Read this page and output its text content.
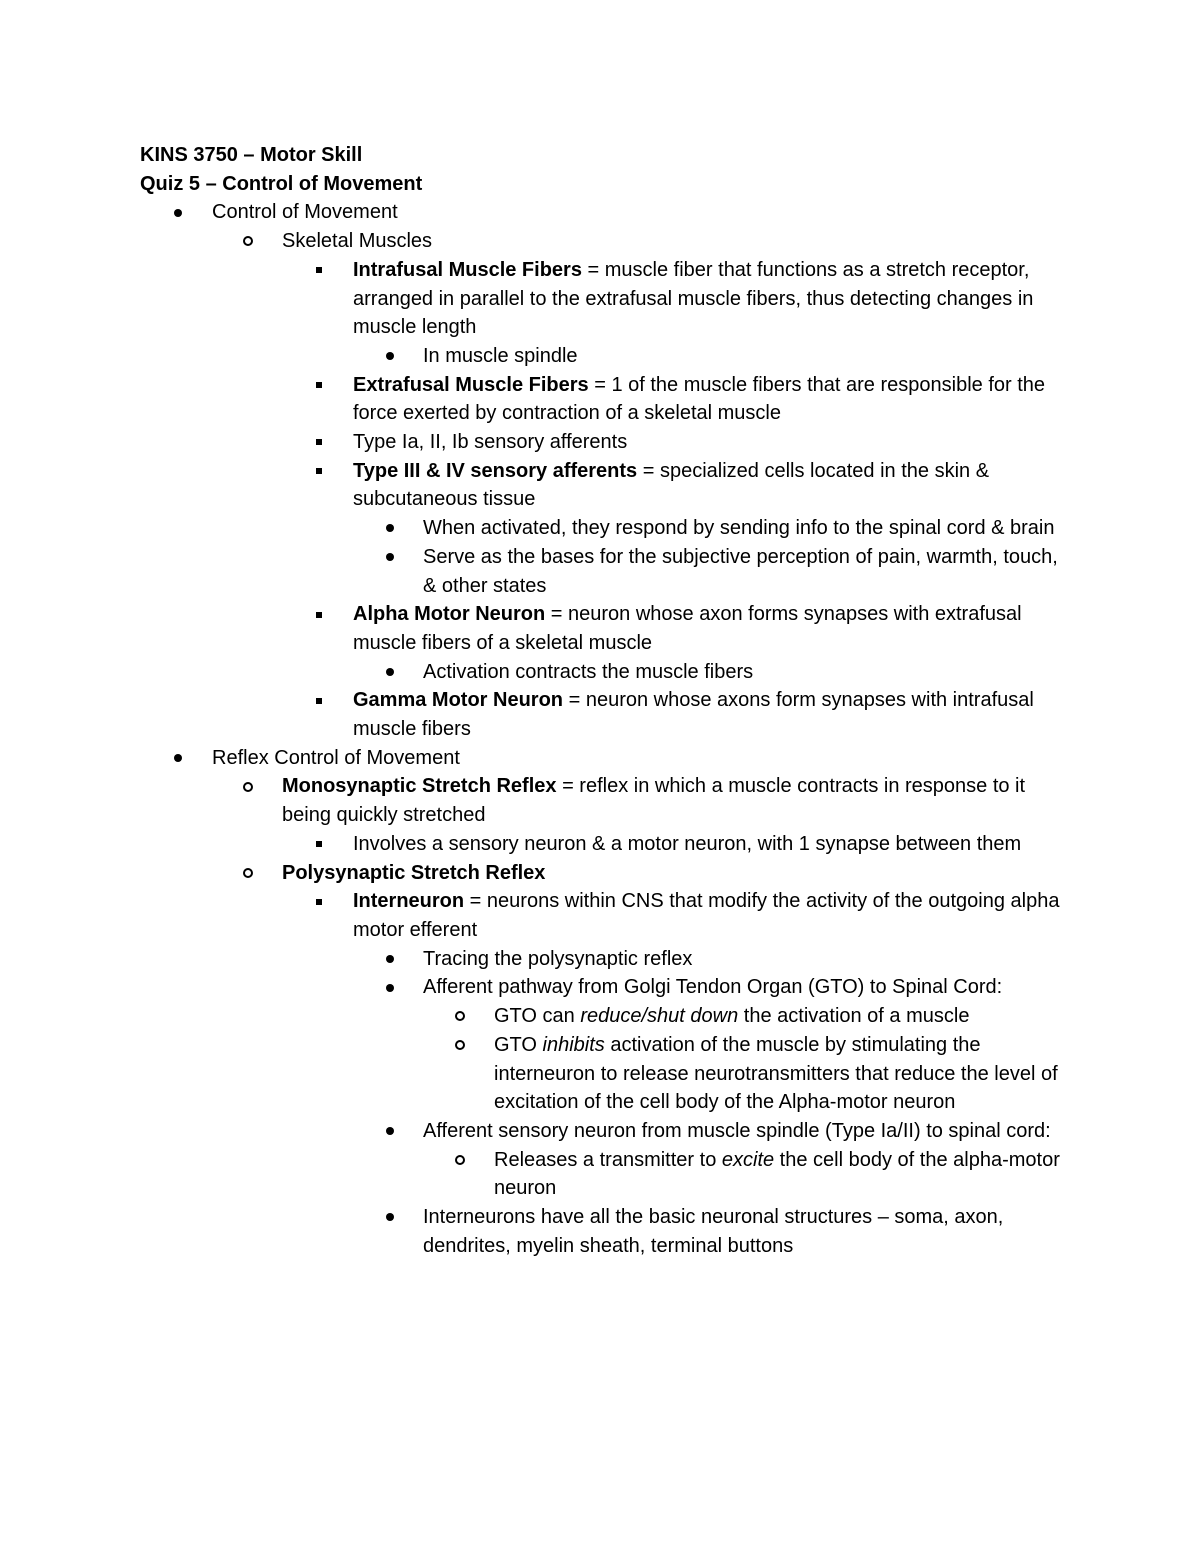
KINS 3750 – Motor Skill

Quiz 5 – Control of Movement

Control of Movement
Skeletal Muscles
Intrafusal Muscle Fibers = muscle fiber that functions as a stretch receptor, arranged in parallel to the extrafusal muscle fibers, thus detecting changes in muscle length
In muscle spindle
Extrafusal Muscle Fibers = 1 of the muscle fibers that are responsible for the force exerted by contraction of a skeletal muscle
Type Ia, II, Ib sensory afferents
Type III & IV sensory afferents = specialized cells located in the skin & subcutaneous tissue
When activated, they respond by sending info to the spinal cord & brain
Serve as the bases for the subjective perception of pain, warmth, touch, & other states
Alpha Motor Neuron = neuron whose axon forms synapses with extrafusal muscle fibers of a skeletal muscle
Activation contracts the muscle fibers
Gamma Motor Neuron = neuron whose axons form synapses with intrafusal muscle fibers
Reflex Control of Movement
Monosynaptic Stretch Reflex = reflex in which a muscle contracts in response to it being quickly stretched
Involves a sensory neuron & a motor neuron, with 1 synapse between them
Polysynaptic Stretch Reflex
Interneuron = neurons within CNS that modify the activity of the outgoing alpha motor efferent
Tracing the polysynaptic reflex
Afferent pathway from Golgi Tendon Organ (GTO) to Spinal Cord:
GTO can reduce/shut down the activation of a muscle
GTO inhibits activation of the muscle by stimulating the interneuron to release neurotransmitters that reduce the level of excitation of the cell body of the Alpha-motor neuron
Afferent sensory neuron from muscle spindle (Type Ia/II) to spinal cord:
Releases a transmitter to excite the cell body of the alpha-motor neuron
Interneurons have all the basic neuronal structures – soma, axon, dendrites, myelin sheath, terminal buttons
